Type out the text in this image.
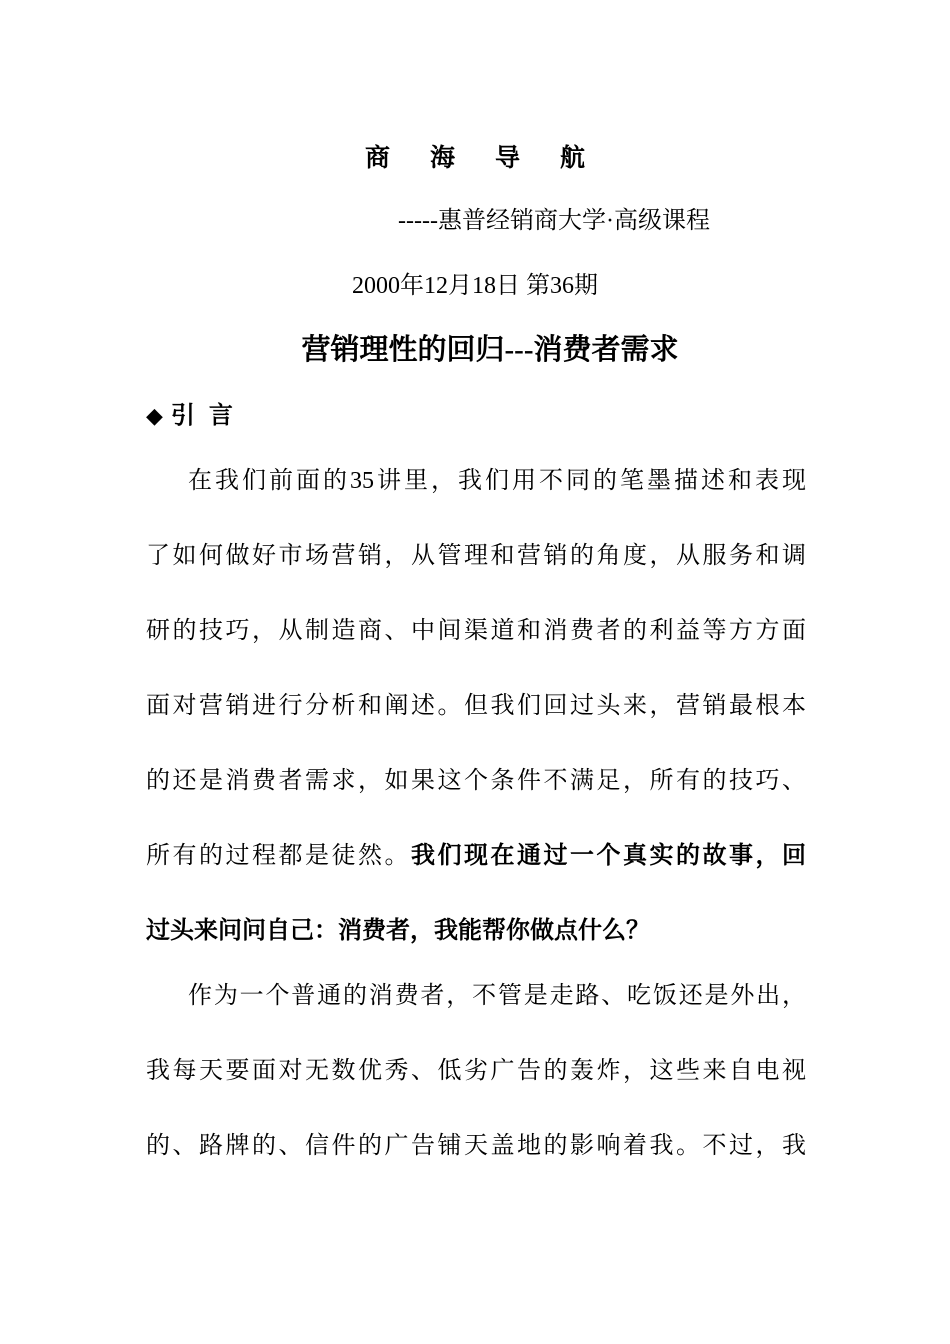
商海导航
-----惠普经销商大学·高级课程
2000年12月18日 第36期
营销理性的回归---消费者需求
◆ 引言
在我们前面的35讲里，我们用不同的笔墨描述和表现
了如何做好市场营销，从管理和营销的角度，从服务和调
研的技巧，从制造商、中间渠道和消费者的利益等方方面
面对营销进行分析和阐述。但我们回过头来，营销最根本
的还是消费者需求，如果这个条件不满足，所有的技巧、
所有的过程都是徒然。我们现在通过一个真实的故事，回
过头来问问自己：消费者，我能帮你做点什么？
作为一个普通的消费者，不管是走路、吃饭还是外出，
我每天要面对无数优秀、低劣广告的轰炸，这些来自电视
的、路牌的、信件的广告铺天盖地的影响着我。不过，我
